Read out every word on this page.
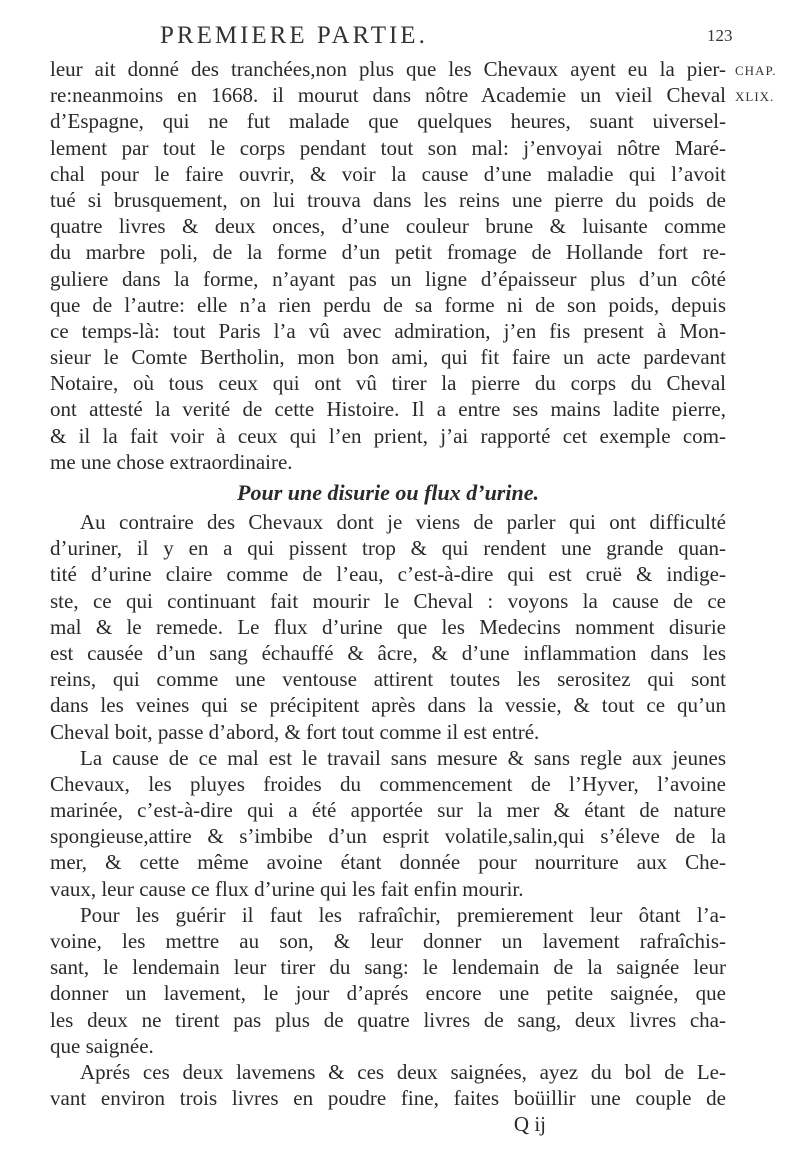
PREMIERE PARTIE.	123
CHAP.
XLIX.
leur ait donné des tranchées,non plus que les Chevaux ayent eu la pier-
re:neanmoins en 1668. il mourut dans nôtre Academie un vieil Cheval
d’Espagne, qui ne fut malade que quelques heures, suant uiversel-
lement par tout le corps pendant tout son mal: j’envoyai nôtre Maré-
chal pour le faire ouvrir, & voir la cause d’une maladie qui l’avoit
tué si brusquement, on lui trouva dans les reins une pierre du poids de
quatre livres & deux onces, d’une couleur brune & luisante comme
du marbre poli, de la forme d’un petit fromage de Hollande fort re-
guliere dans la forme, n’ayant pas un ligne d’épaisseur plus d’un côté
que de l’autre: elle n’a rien perdu de sa forme ni de son poids, depuis
ce temps-là: tout Paris l’a vû avec admiration, j’en fis present à Mon-
sieur le Comte Bertholin, mon bon ami, qui fit faire un acte pardevant
Notaire, où tous ceux qui ont vû tirer la pierre du corps du Cheval
ont attesté la verité de cette Histoire. Il a entre ses mains ladite pierre,
& il la fait voir à ceux qui l’en prient, j’ai rapporté cet exemple com-
me une chose extraordinaire.
Pour une disurie ou flux d’urine.
Au contraire des Chevaux dont je viens de parler qui ont difficulté
d’uriner, il y en a qui pissent trop & qui rendent une grande quan-
tité d’urine claire comme de l’eau, c’est-à-dire qui est cruë & indige-
ste, ce qui continuant fait mourir le Cheval : voyons la cause de ce
mal & le remede. Le flux d’urine que les Medecins nomment disurie
est causée d’un sang échauffé & âcre, & d’une inflammation dans les
reins, qui comme une ventouse attirent toutes les serositez qui sont
dans les veines qui se précipitent après dans la vessie, & tout ce qu’un
Cheval boit, passe d’abord, & fort tout comme il est entré.
La cause de ce mal est le travail sans mesure & sans regle aux jeunes
Chevaux, les pluyes froides du commencement de l’Hyver, l’avoine
marinée, c’est-à-dire qui a été apportée sur la mer & étant de nature
spongieuse,attire & s’imbibe d’un esprit volatile,salin,qui s’éleve de la
mer, & cette même avoine étant donnée pour nourriture aux Che-
vaux, leur cause ce flux d’urine qui les fait enfin mourir.
Pour les guérir il faut les rafraîchir, premierement leur ôtant l’a-
voine, les mettre au son, & leur donner un lavement rafraîchis-
sant, le lendemain leur tirer du sang: le lendemain de la saignée leur
donner un lavement, le jour d’aprés encore une petite saignée, que
les deux ne tirent pas plus de quatre livres de sang, deux livres cha-
que saignée.
Aprés ces deux lavemens & ces deux saignées, ayez du bol de Le-
vant environ trois livres en poudre fine, faites boüillir une couple de
Q ij
